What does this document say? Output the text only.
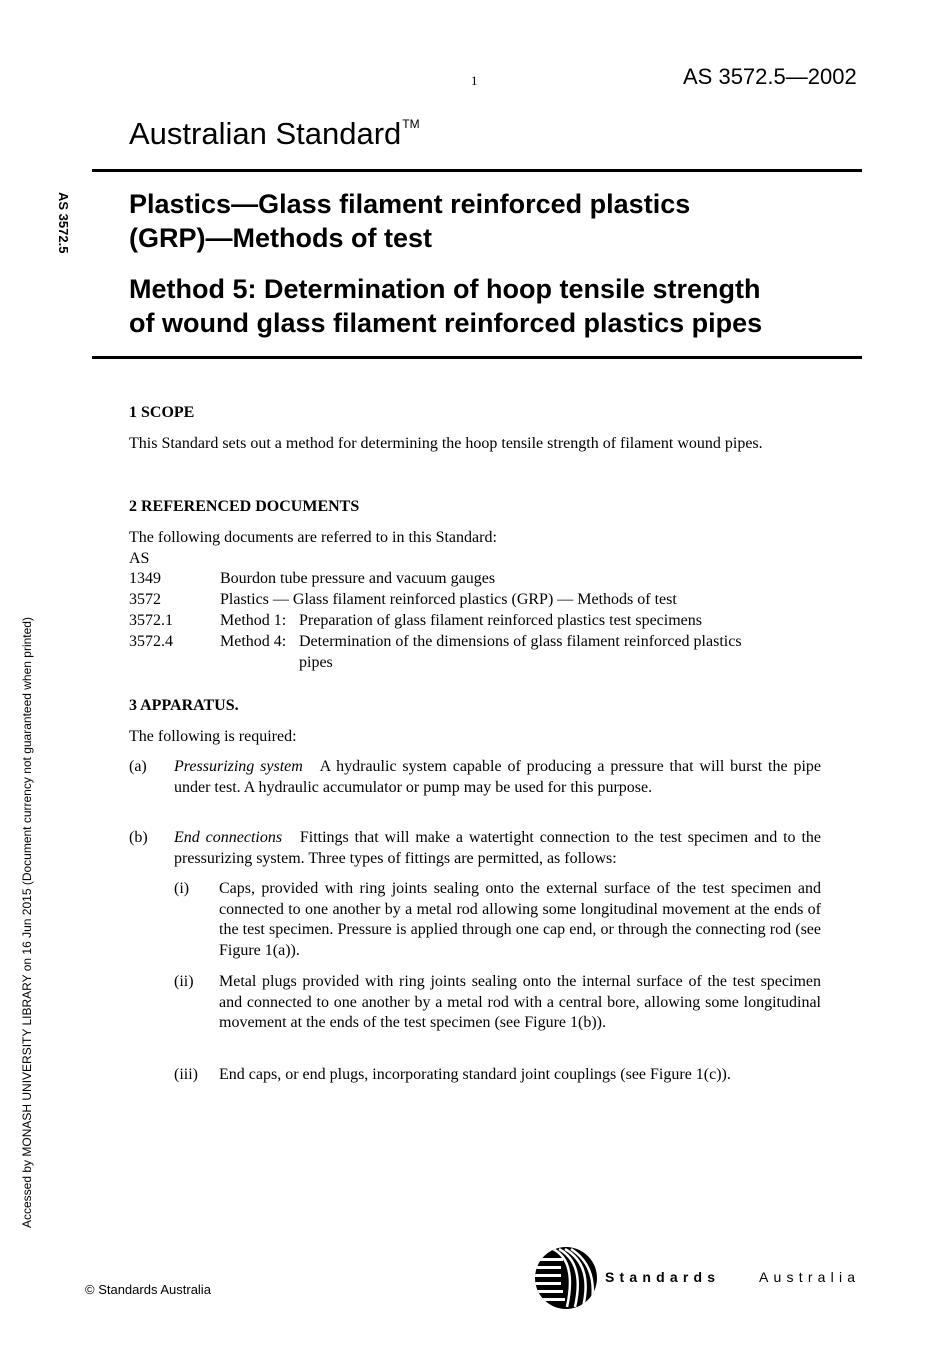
1	AS 3572.5—2002
Australian Standard™
AS 3572.5
Accessed by MONASH UNIVERSITY LIBRARY on 16 Jun 2015 (Document currency not guaranteed when printed)
Plastics—Glass filament reinforced plastics
(GRP)—Methods of test
Method 5: Determination of hoop tensile strength
of wound glass filament reinforced plastics pipes
1 SCOPE
This Standard sets out a method for determining the hoop tensile strength of filament wound pipes.
2 REFERENCED DOCUMENTS
The following documents are referred to in this Standard:
AS
1349	Bourdon tube pressure and vacuum gauges
3572	Plastics — Glass filament reinforced plastics (GRP) — Methods of test
3572.1	Method 1: Preparation of glass filament reinforced plastics test specimens
3572.4	Method 4: Determination of the dimensions of glass filament reinforced plastics pipes
3 APPARATUS.
The following is required:
(a) Pressurizing system A hydraulic system capable of producing a pressure that will burst the pipe under test. A hydraulic accumulator or pump may be used for this purpose.
(b) End connections Fittings that will make a watertight connection to the test specimen and to the pressurizing system. Three types of fittings are permitted, as follows:
(i) Caps, provided with ring joints sealing onto the external surface of the test specimen and connected to one another by a metal rod allowing some longitudinal movement at the ends of the test specimen. Pressure is applied through one cap end, or through the connecting rod (see Figure 1(a)).
(ii) Metal plugs provided with ring joints sealing onto the internal surface of the test specimen and connected to one another by a metal rod with a central bore, allowing some longitudinal movement at the ends of the test specimen (see Figure 1(b)).
(iii) End caps, or end plugs, incorporating standard joint couplings (see Figure 1(c)).
© Standards Australia
Standards	Australia
